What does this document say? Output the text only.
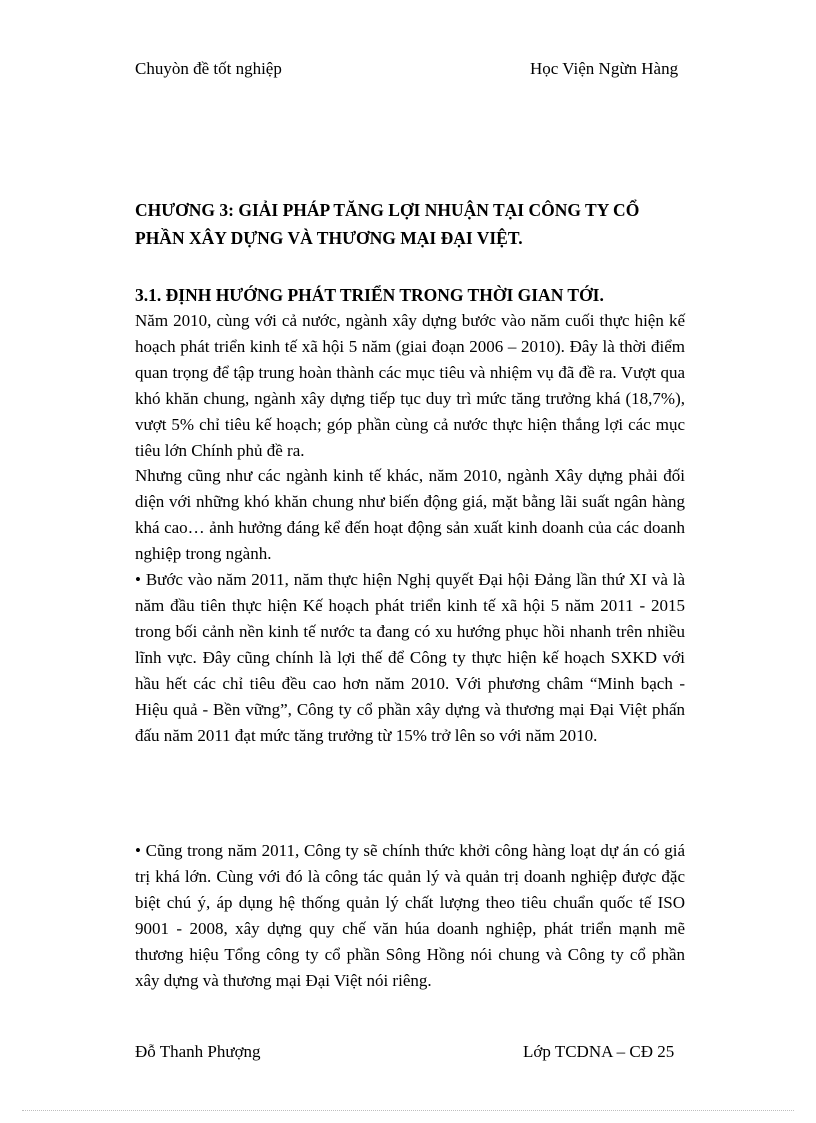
Chuyòn đề tốt nghiệp	Học Viện Ngừn Hàng
CHƯƠNG 3: GIẢI PHÁP TĂNG LỢI NHUẬN TẠI CÔNG TY CỔ PHẦN XÂY DỰNG VÀ THƯƠNG MẠI ĐẠI VIỆT.
3.1. ĐỊNH HƯỚNG PHÁT TRIỂN TRONG THỜI GIAN TỚI.

Năm 2010, cùng với cả nước, ngành xây dựng bước vào năm cuối thực hiện kế hoạch phát triển kinh tế xã hội 5 năm (giai đoạn 2006 – 2010). Đây là thời điểm quan trọng để tập trung hoàn thành các mục tiêu và nhiệm vụ đã đề ra. Vượt qua khó khăn chung, ngành xây dựng tiếp tục duy trì mức tăng trưởng khá (18,7%), vượt 5% chỉ tiêu kế hoạch; góp phần cùng cả nước thực hiện thắng lợi các mục tiêu lớn Chính phủ đề ra.

Nhưng cũng như các ngành kinh tế khác, năm 2010, ngành Xây dựng phải đối diện với những khó khăn chung như biến động giá, mặt bằng lãi suất ngân hàng khá cao… ảnh hưởng đáng kể đến hoạt động sản xuất kinh doanh của các doanh nghiệp trong ngành.

• Bước vào năm 2011, năm thực hiện Nghị quyết Đại hội Đảng lần thứ XI và là năm đầu tiên thực hiện Kế hoạch phát triển kinh tế xã hội 5 năm 2011 - 2015 trong bối cảnh nền kinh tế nước ta đang có xu hướng phục hồi nhanh trên nhiều lĩnh vực. Đây cũng chính là lợi thế để Công ty thực hiện kế hoạch SXKD với hầu hết các chỉ tiêu đều cao hơn năm 2010. Với phương châm “Minh bạch - Hiệu quả - Bền vững”, Công ty cổ phần xây dựng và thương mại Đại Việt phấn đấu năm 2011 đạt mức tăng trưởng từ 15% trở lên so với năm 2010.

• Cũng trong năm 2011, Công ty sẽ chính thức khởi công hàng loạt dự án có giá trị khá lớn. Cùng với đó là công tác quản lý và quản trị doanh nghiệp được đặc biệt chú ý, áp dụng hệ thống quản lý chất lượng theo tiêu chuẩn quốc tế ISO 9001 - 2008, xây dựng quy chế văn húa doanh nghiệp, phát triển mạnh mẽ thương hiệu Tổng công ty cổ phần Sông Hồng nói chung và Công ty cổ phần xây dựng và thương mại Đại Việt nói riêng.

Đỗ Thanh Phượng	Lớp TCDNA – CĐ 25
